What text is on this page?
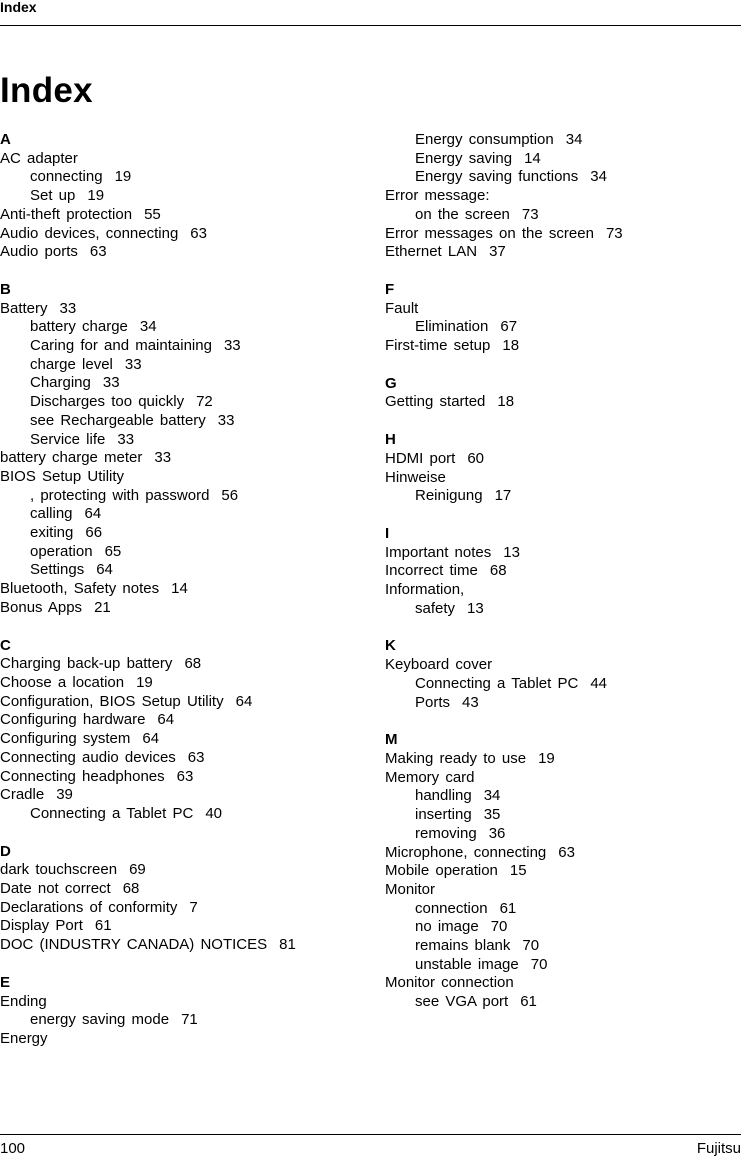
Index
Index
A
AC adapter
connecting 19
Set up 19
Anti-theft protection 55
Audio devices, connecting 63
Audio ports 63
B
Battery 33
battery charge 34
Caring for and maintaining 33
charge level 33
Charging 33
Discharges too quickly 72
see Rechargeable battery 33
Service life 33
battery charge meter 33
BIOS Setup Utility
, protecting with password 56
calling 64
exiting 66
operation 65
Settings 64
Bluetooth, Safety notes 14
Bonus Apps 21
C
Charging back-up battery 68
Choose a location 19
Configuration, BIOS Setup Utility 64
Configuring hardware 64
Configuring system 64
Connecting audio devices 63
Connecting headphones 63
Cradle 39
Connecting a Tablet PC 40
D
dark touchscreen 69
Date not correct 68
Declarations of conformity 7
Display Port 61
DOC (INDUSTRY CANADA) NOTICES 81
E
Ending
energy saving mode 71
Energy
Energy consumption 34
Energy saving 14
Energy saving functions 34
Error message:
on the screen 73
Error messages on the screen 73
Ethernet LAN 37
F
Fault
Elimination 67
First-time setup 18
G
Getting started 18
H
HDMI port 60
Hinweise
Reinigung 17
I
Important notes 13
Incorrect time 68
Information,
safety 13
K
Keyboard cover
Connecting a Tablet PC 44
Ports 43
M
Making ready to use 19
Memory card
handling 34
inserting 35
removing 36
Microphone, connecting 63
Mobile operation 15
Monitor
connection 61
no image 70
remains blank 70
unstable image 70
Monitor connection
see VGA port 61
100	Fujitsu
